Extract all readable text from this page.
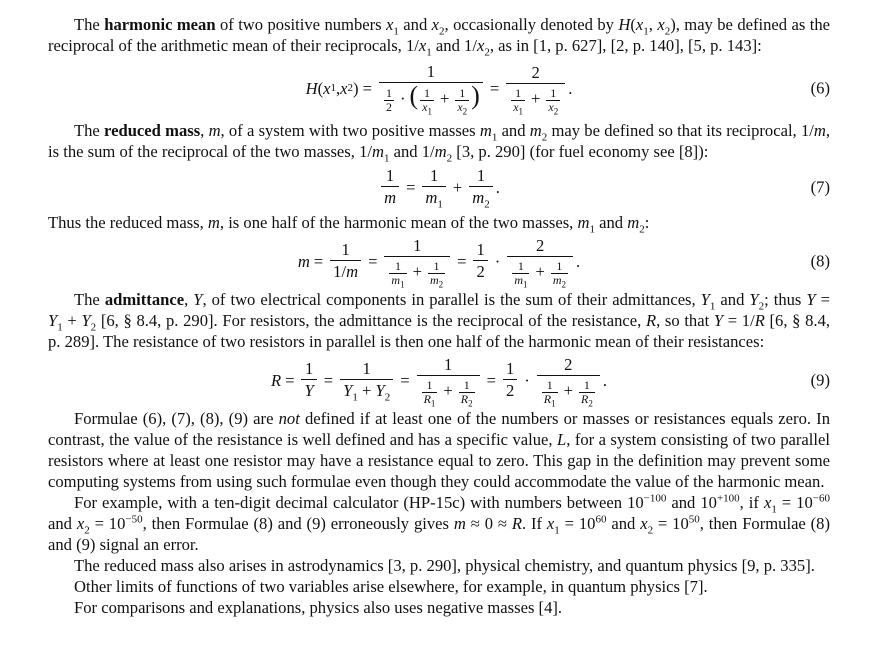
The harmonic mean of two positive numbers $x_1$ and $x_2$, occasionally denoted by $H(x_1$, $x_2$), may be defined as the reciprocal of the arithmetic mean of their reciprocals, $1/x_1$ and $1/x_2$, as in [1, p. 627], [2, p. 140], [5, p. 143]:

H ( x 1 , x 2 ) = $\frac{1}{\frac{1}{2} \cdot ( \frac{1}{x_1} + \frac{1}{x_2} )} = \frac{2}{\frac{1}{x_1} + \frac{1}{x_2}}$ .	(6)

The reduced mass, m, of a system with two positive masses $m_1$ and $m_2$ may be defined so that its reciprocal, 1/m, is the sum of the reciprocal of the two masses, $1/m_1$ and $1/m_2$ [3, p. 290] (for fuel economy see [8]):

$\frac{1}{m} = \frac{1}{m_1} + \frac{1}{m_2}$ .	(7)

Thus the reduced mass, m, is one half of the harmonic mean of the two masses, $m_1$ and $m_2$:

$m = \frac{1}{1/m} = \frac{1}{\frac{1}{m_1} + \frac{1}{m_2}} = \frac{1}{2} \cdot \frac{2}{\frac{1}{m_1} + \frac{1}{m_2}}$ .	(8)

The admittance, Y, of two electrical components in parallel is the sum of their admittances, $Y_1$ and $Y_2$; thus $Y = Y_1 + Y_2$ [6, § 8.4, p. 290]. For resistors, the admittance is the reciprocal of the resistance, R, so that Y = 1/R [6, § 8.4, p. 289]. The resistance of two resistors in parallel is then one half of the harmonic mean of their resistances:

$R = \frac{1}{Y} = \frac{1}{Y_1 + Y_2} = \frac{1}{\frac{1}{R_1} + \frac{1}{R_2}} = \frac{1}{2} \cdot \frac{2}{\frac{1}{R_1} + \frac{1}{R_2}}$ .	(9)

Formulae (6), (7), (8), (9) are not defined if at least one of the numbers or masses or resistances equals zero. In contrast, the value of the resistance is well defined and has a specific value, L, for a system consisting of two parallel resistors where at least one resistor may have a resistance equal to zero. This gap in the definition may prevent some computing systems from using such formulae even though they could accommodate the value of the harmonic mean.

For example, with a ten-digit decimal calculator (HP-15c) with numbers between $10^{-100}$ and $10^{+100}$, if $x_1 = 10^{-60}$ and $x_2 = 10^{-50}$, then Formulae (8) and (9) erroneously gives m ≈ 0 ≈ R. If $x_1 = 10^{60}$ and $x_2 = 10^{50}$, then Formulae (8) and (9) signal an error.

The reduced mass also arises in astrodynamics [3, p. 290], physical chemistry, and quantum physics [9, p. 335].

Other limits of functions of two variables arise elsewhere, for example, in quantum physics [7].

For comparisons and explanations, physics also uses negative masses [4].
